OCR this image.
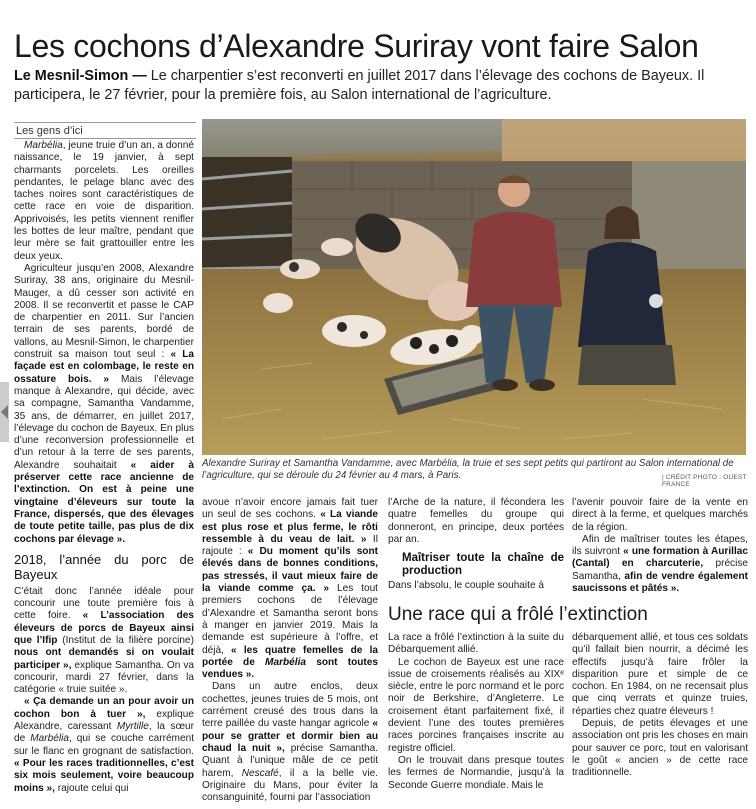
Les cochons d’Alexandre Suriray vont faire Salon
Le Mesnil-Simon — Le charpentier s’est reconverti en juillet 2017 dans l’élevage des cochons de Bayeux. Il participera, le 27 février, pour la première fois, au Salon international de l’agriculture.
Les gens d’ici

Marbélia, jeune truie d’un an, a donné naissance, le 19 janvier, à sept charmants porcelets. Les oreilles pendantes, le pelage blanc avec des taches noires sont caractéristiques de cette race en voie de disparition. Apprivoisés, les petits viennent renifler les bottes de leur maître, pendant que leur mère se fait grattouiller entre les deux yeux.

Agriculteur jusqu’en 2008, Alexandre Suriray, 38 ans, originaire du Mesnil-Mauger, a dû cesser son activité en 2008. Il se reconvertit et passe le CAP de charpentier en 2011. Sur l’ancien terrain de ses parents, bordé de vallons, au Mesnil-Simon, le charpentier construit sa maison tout seul : « La façade est en colombage, le reste en ossature bois. » Mais l’élevage manque à Alexandre, qui décide, avec sa compagne, Samantha Vandamme, 35 ans, de démarrer, en juillet 2017, l’élevage du cochon de Bayeux. En plus d’une reconversion professionnelle et d’un retour à la terre de ses parents, Alexandre souhaitait « aider à préserver cette race ancienne de l’extinction. On est à peine une vingtaine d’éleveurs sur toute la France, dispersés, que des élevages de toute petite taille, pas plus de dix cochons par élevage ».

2018, l’année du porc de Bayeux

C’était donc l’année idéale pour concourir une toute première fois à cette foire. « L’association des éleveurs de porcs de Bayeux ainsi que l’Ifip (Institut de la filière porcine) nous ont demandés si on voulait participer », explique Samantha. On va concourir, mardi 27 février, dans la catégorie « truie suitée ».

« Ça demande un an pour avoir un cochon bon à tuer », explique Alexandre, caressant Myrtille, la sœur de Marbélia, qui se couche carrément sur le flanc en grognant de satisfaction. « Pour les races traditionnelles, c’est six mois seulement, voire beaucoup moins », rajoute celui qui

Alexandre Suriray et Samantha Vandamme, avec Marbélia, la truie et ses sept petits qui partiront au Salon international de l’agriculture, qui se déroule du 24 février au 4 mars, à Paris.	| CRÉDIT PHOTO : OUEST FRANCE

avoue n’avoir encore jamais fait tuer un seul de ses cochons. « La viande est plus rose et plus ferme, le rôti ressemble à du veau de lait. » Il rajoute : « Du moment qu’ils sont élevés dans de bonnes conditions, pas stressés, il vaut mieux faire de la viande comme ça. » Les tout premiers cochons de l’élevage d’Alexandre et Samantha seront bons à manger en janvier 2019. Mais la demande est supérieure à l’offre, et déjà, « les quatre femelles de la portée de Marbélia sont toutes vendues ».

Dans un autre enclos, deux cochettes, jeunes truies de 5 mois, ont carrément creusé des trous dans la terre paillée du vaste hangar agricole « pour se gratter et dormir bien au chaud la nuit », précise Samantha. Quant à l’unique mâle de ce petit harem, Nescafé, il a la belle vie. Originaire du Mans, pour éviter la consanguinité, fourni par l’association

l’Arche de la nature, il fécondera les quatre femelles du groupe qui donneront, en principe, deux portées par an.

Maîtriser toute la chaîne de production

Dans l’absolu, le couple souhaite à

l’avenir pouvoir faire de la vente en direct à la ferme, et quelques marchés de la région.

Afin de maîtriser toutes les étapes, ils suivront « une formation à Aurillac (Cantal) en charcuterie, précise Samantha, afin de vendre également saucissons et pâtés ».

Une race qui a frôlé l’extinction

La race a frôlé l’extinction à la suite du Débarquement allié.

Le cochon de Bayeux est une race issue de croisements réalisés au XIXᵉ siècle, entre le porc normand et le porc noir de Berkshire, d’Angleterre. Le croisement étant parfaitement fixé, il devient l’une des toutes premières races porcines françaises inscrite au registre officiel.

On le trouvait dans presque toutes les fermes de Normandie, jusqu’à la Seconde Guerre mondiale. Mais le

débarquement allié, et tous ces soldats qu’il fallait bien nourrir, a décimé les effectifs jusqu’à faire frôler la disparition pure et simple de ce cochon. En 1984, on ne recensait plus que cinq verrats et quinze truies, réparties chez quatre éleveurs !

Depuis, de petits élevages et une association ont pris les choses en main pour sauver ce porc, tout en valorisant le goût « ancien » de cette race traditionnelle.
